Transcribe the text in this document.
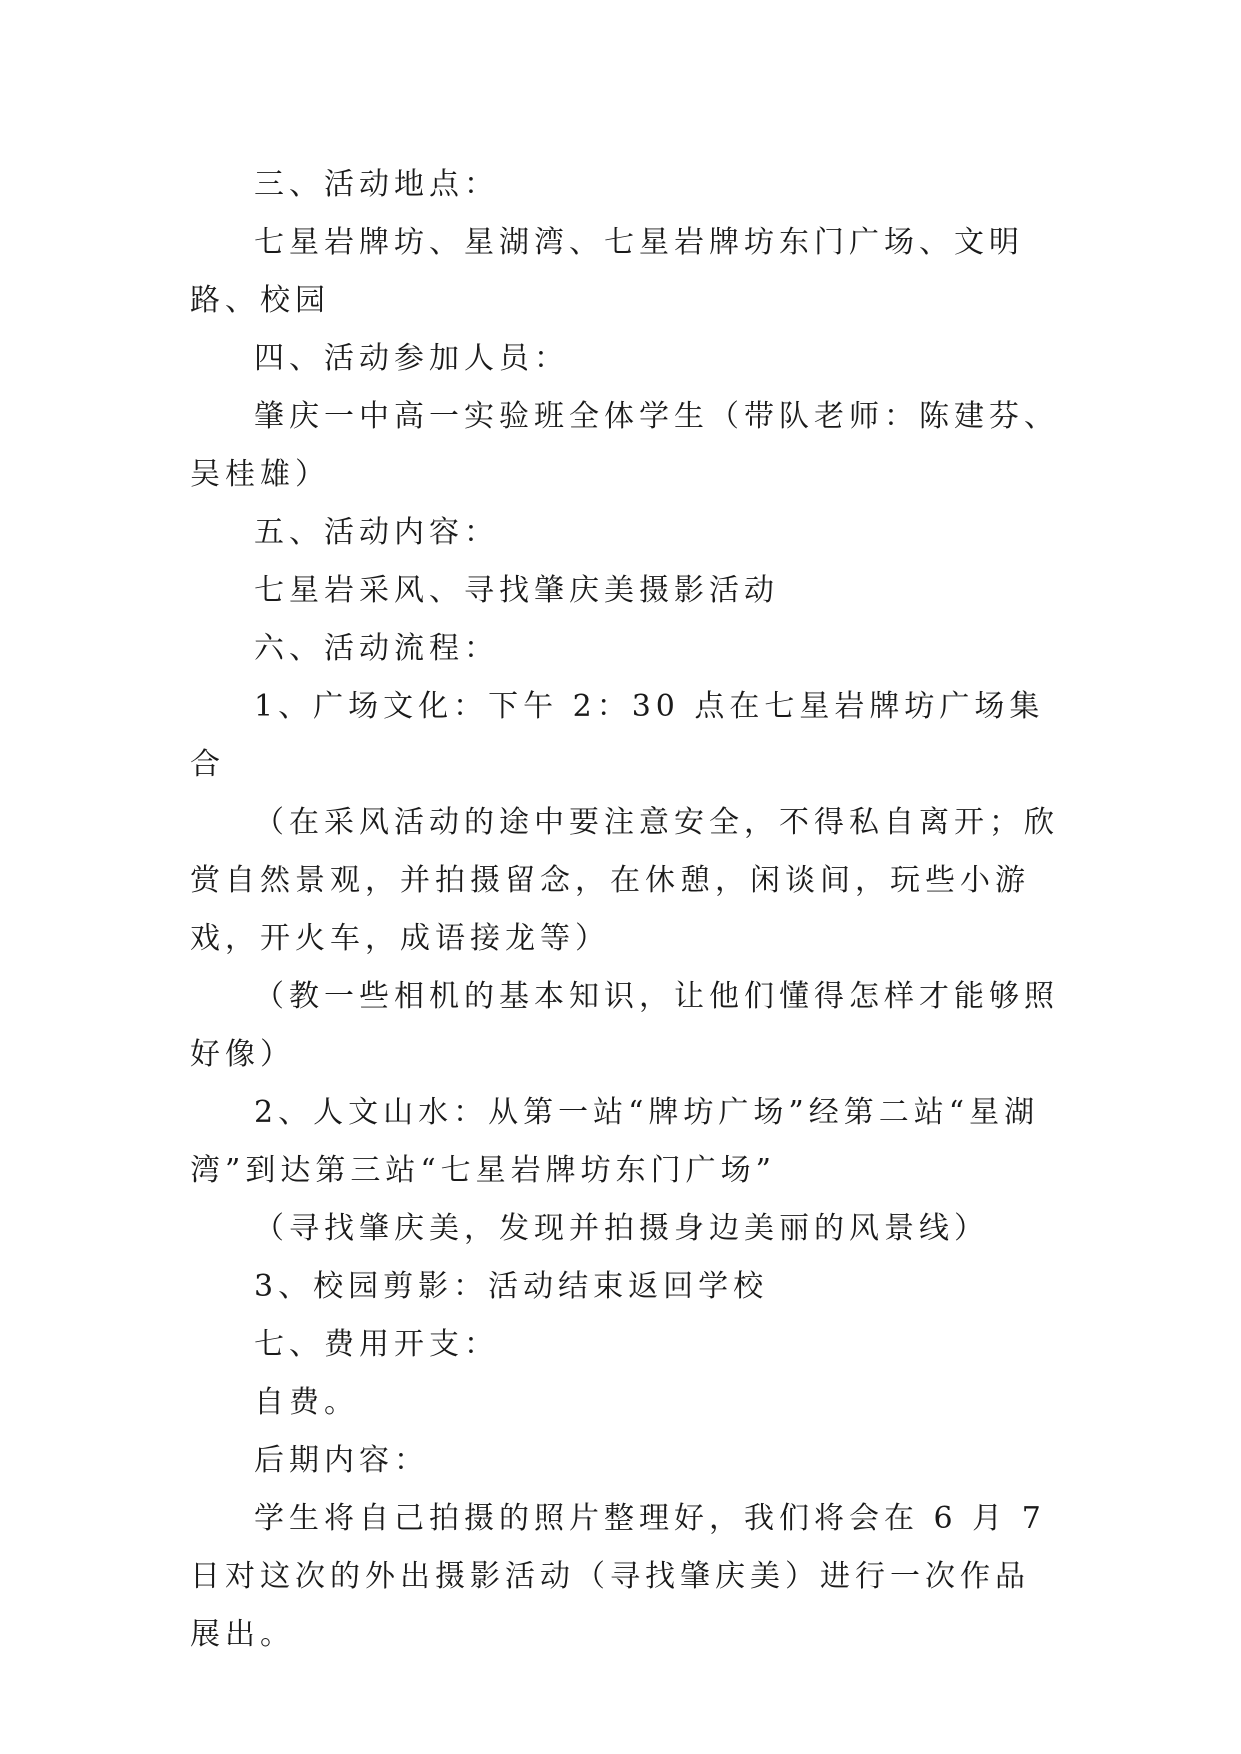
三、活动地点：

七星岩牌坊、星湖湾、七星岩牌坊东门广场、文明路、校园

四、活动参加人员：

肇庆一中高一实验班全体学生（带队老师：陈建芬、吴桂雄）

五、活动内容：

七星岩采风、寻找肇庆美摄影活动

六、活动流程：

1、广场文化：下午 2：30 点在七星岩牌坊广场集合

（在采风活动的途中要注意安全，不得私自离开；欣赏自然景观，并拍摄留念，在休憩，闲谈间，玩些小游戏，开火车，成语接龙等）

（教一些相机的基本知识，让他们懂得怎样才能够照好像）

2、人文山水：从第一站“牌坊广场”经第二站“星湖湾”到达第三站“七星岩牌坊东门广场”

（寻找肇庆美，发现并拍摄身边美丽的风景线）

3、校园剪影：活动结束返回学校

七、费用开支：

自费。

后期内容：

学生将自己拍摄的照片整理好，我们将会在 6 月 7 日对这次的外出摄影活动（寻找肇庆美）进行一次作品展出。
